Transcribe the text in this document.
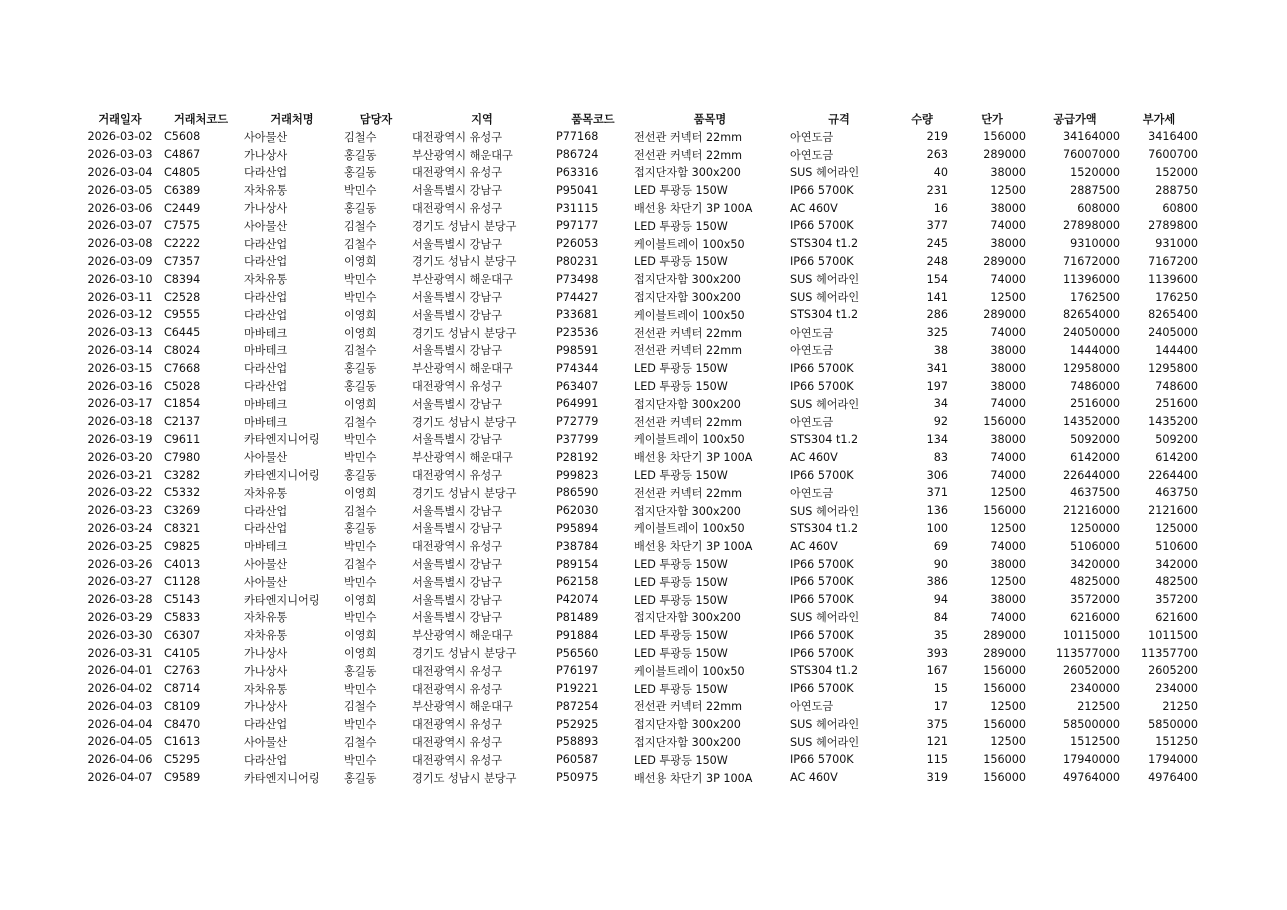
거래일자	거래처코드	거래처명	담당자	지역	품목코드	품목명	규격	수량	단가	공급가액	부가세
2026-03-02	C5608	사아물산	김철수	대전광역시 유성구	P77168	전선관 커넥터 22mm	아연도금	219	156000	34164000	3416400
2026-03-03	C4867	가나상사	홍길동	부산광역시 해운대구	P86724	전선관 커넥터 22mm	아연도금	263	289000	76007000	7600700
2026-03-04	C4805	다라산업	홍길동	대전광역시 유성구	P63316	접지단자함 300x200	SUS 헤어라인	40	38000	1520000	152000
2026-03-05	C6389	자차유통	박민수	서울특별시 강남구	P95041	LED 투광등 150W	IP66 5700K	231	12500	2887500	288750
2026-03-06	C2449	가나상사	홍길동	대전광역시 유성구	P31115	배선용 차단기 3P 100A	AC 460V	16	38000	608000	60800
2026-03-07	C7575	사아물산	김철수	경기도 성남시 분당구	P97177	LED 투광등 150W	IP66 5700K	377	74000	27898000	2789800
2026-03-08	C2222	다라산업	김철수	서울특별시 강남구	P26053	케이블트레이 100x50	STS304 t1.2	245	38000	9310000	931000
2026-03-09	C7357	다라산업	이영희	경기도 성남시 분당구	P80231	LED 투광등 150W	IP66 5700K	248	289000	71672000	7167200
2026-03-10	C8394	자차유통	박민수	부산광역시 해운대구	P73498	접지단자함 300x200	SUS 헤어라인	154	74000	11396000	1139600
2026-03-11	C2528	다라산업	박민수	서울특별시 강남구	P74427	접지단자함 300x200	SUS 헤어라인	141	12500	1762500	176250
2026-03-12	C9555	다라산업	이영희	서울특별시 강남구	P33681	케이블트레이 100x50	STS304 t1.2	286	289000	82654000	8265400
2026-03-13	C6445	마바테크	이영희	경기도 성남시 분당구	P23536	전선관 커넥터 22mm	아연도금	325	74000	24050000	2405000
2026-03-14	C8024	마바테크	김철수	서울특별시 강남구	P98591	전선관 커넥터 22mm	아연도금	38	38000	1444000	144400
2026-03-15	C7668	다라산업	홍길동	부산광역시 해운대구	P74344	LED 투광등 150W	IP66 5700K	341	38000	12958000	1295800
2026-03-16	C5028	다라산업	홍길동	대전광역시 유성구	P63407	LED 투광등 150W	IP66 5700K	197	38000	7486000	748600
2026-03-17	C1854	마바테크	이영희	서울특별시 강남구	P64991	접지단자함 300x200	SUS 헤어라인	34	74000	2516000	251600
2026-03-18	C2137	마바테크	김철수	경기도 성남시 분당구	P72779	전선관 커넥터 22mm	아연도금	92	156000	14352000	1435200
2026-03-19	C9611	카타엔지니어링	박민수	서울특별시 강남구	P37799	케이블트레이 100x50	STS304 t1.2	134	38000	5092000	509200
2026-03-20	C7980	사아물산	박민수	부산광역시 해운대구	P28192	배선용 차단기 3P 100A	AC 460V	83	74000	6142000	614200
2026-03-21	C3282	카타엔지니어링	홍길동	대전광역시 유성구	P99823	LED 투광등 150W	IP66 5700K	306	74000	22644000	2264400
2026-03-22	C5332	자차유통	이영희	경기도 성남시 분당구	P86590	전선관 커넥터 22mm	아연도금	371	12500	4637500	463750
2026-03-23	C3269	다라산업	김철수	서울특별시 강남구	P62030	접지단자함 300x200	SUS 헤어라인	136	156000	21216000	2121600
2026-03-24	C8321	다라산업	홍길동	서울특별시 강남구	P95894	케이블트레이 100x50	STS304 t1.2	100	12500	1250000	125000
2026-03-25	C9825	마바테크	박민수	대전광역시 유성구	P38784	배선용 차단기 3P 100A	AC 460V	69	74000	5106000	510600
2026-03-26	C4013	사아물산	김철수	서울특별시 강남구	P89154	LED 투광등 150W	IP66 5700K	90	38000	3420000	342000
2026-03-27	C1128	사아물산	박민수	서울특별시 강남구	P62158	LED 투광등 150W	IP66 5700K	386	12500	4825000	482500
2026-03-28	C5143	카타엔지니어링	이영희	서울특별시 강남구	P42074	LED 투광등 150W	IP66 5700K	94	38000	3572000	357200
2026-03-29	C5833	자차유통	박민수	서울특별시 강남구	P81489	접지단자함 300x200	SUS 헤어라인	84	74000	6216000	621600
2026-03-30	C6307	자차유통	이영희	부산광역시 해운대구	P91884	LED 투광등 150W	IP66 5700K	35	289000	10115000	1011500
2026-03-31	C4105	가나상사	이영희	경기도 성남시 분당구	P56560	LED 투광등 150W	IP66 5700K	393	289000	113577000	11357700
2026-04-01	C2763	가나상사	홍길동	대전광역시 유성구	P76197	케이블트레이 100x50	STS304 t1.2	167	156000	26052000	2605200
2026-04-02	C8714	자차유통	박민수	대전광역시 유성구	P19221	LED 투광등 150W	IP66 5700K	15	156000	2340000	234000
2026-04-03	C8109	가나상사	김철수	부산광역시 해운대구	P87254	전선관 커넥터 22mm	아연도금	17	12500	212500	21250
2026-04-04	C8470	다라산업	박민수	대전광역시 유성구	P52925	접지단자함 300x200	SUS 헤어라인	375	156000	58500000	5850000
2026-04-05	C1613	사아물산	김철수	대전광역시 유성구	P58893	접지단자함 300x200	SUS 헤어라인	121	12500	1512500	151250
2026-04-06	C5295	다라산업	박민수	대전광역시 유성구	P60587	LED 투광등 150W	IP66 5700K	115	156000	17940000	1794000
2026-04-07	C9589	카타엔지니어링	홍길동	경기도 성남시 분당구	P50975	배선용 차단기 3P 100A	AC 460V	319	156000	49764000	4976400
